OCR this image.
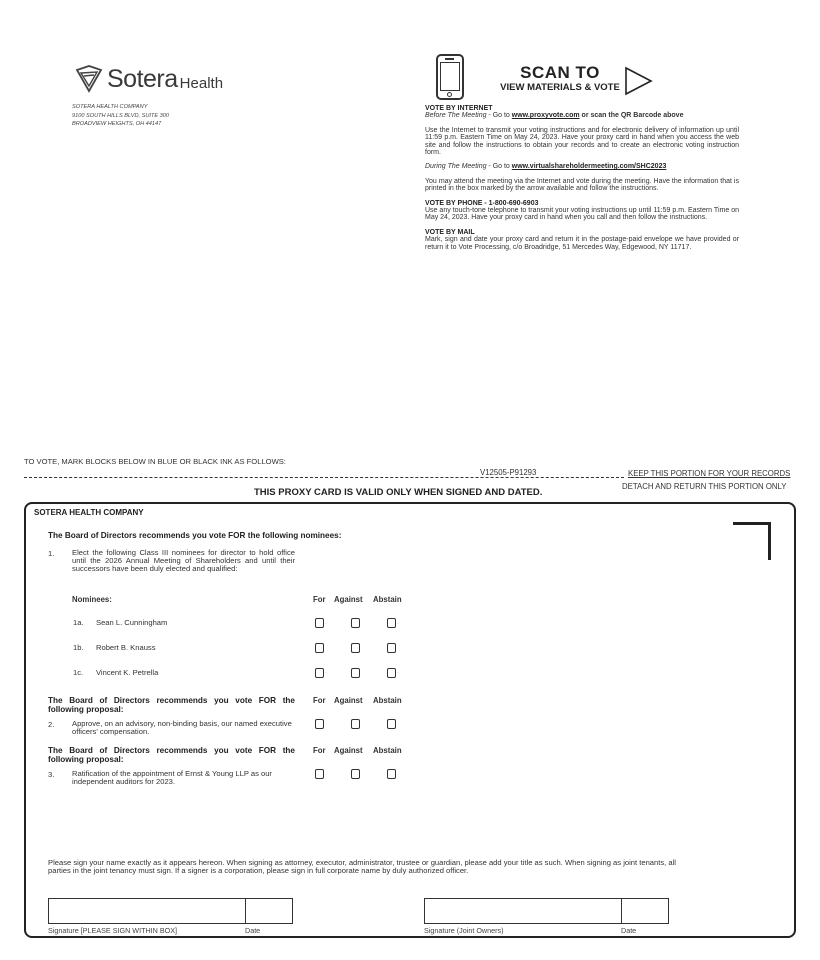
Sotera Health
SOTERA HEALTH COMPANY
9100 SOUTH HILLS BLVD, SUITE 300
BROADVIEW HEIGHTS, OH 44147
SCAN TO
VIEW MATERIALS & VOTE
VOTE BY INTERNET
Before The Meeting - Go to www.proxyvote.com or scan the QR Barcode above
Use the Internet to transmit your voting instructions and for electronic delivery of information up until 11:59 p.m. Eastern Time on May 24, 2023. Have your proxy card in hand when you access the web site and follow the instructions to obtain your records and to create an electronic voting instruction form.
During The Meeting - Go to www.virtualshareholdermeeting.com/SHC2023
You may attend the meeting via the Internet and vote during the meeting. Have the information that is printed in the box marked by the arrow available and follow the instructions.
VOTE BY PHONE - 1-800-690-6903
Use any touch-tone telephone to transmit your voting instructions up until 11:59 p.m. Eastern Time on May 24, 2023. Have your proxy card in hand when you call and then follow the instructions.
VOTE BY MAIL
Mark, sign and date your proxy card and return it in the postage-paid envelope we have provided or return it to Vote Processing, c/o Broadridge, 51 Mercedes Way, Edgewood, NY 11717.
TO VOTE, MARK BLOCKS BELOW IN BLUE OR BLACK INK AS FOLLOWS:
V12505-P91293	KEEP THIS PORTION FOR YOUR RECORDS
DETACH AND RETURN THIS PORTION ONLY
THIS PROXY CARD IS VALID ONLY WHEN SIGNED AND DATED.
SOTERA HEALTH COMPANY
The Board of Directors recommends you vote FOR the following nominees:
1. Elect the following Class III nominees for director to hold office until the 2026 Annual Meeting of Shareholders and until their successors have been duly elected and qualified:
Nominees:	For Against Abstain
1a. Sean L. Cunningham
1b. Robert B. Knauss
1c. Vincent K. Petrella
The Board of Directors recommends you vote FOR the following proposal:
For Against Abstain
2. Approve, on an advisory, non-binding basis, our named executive officers' compensation.
The Board of Directors recommends you vote FOR the following proposal:
For Against Abstain
3. Ratification of the appointment of Ernst & Young LLP as our independent auditors for 2023.
Please sign your name exactly as it appears hereon. When signing as attorney, executor, administrator, trustee or guardian, please add your title as such. When signing as joint tenants, all parties in the joint tenancy must sign. If a signer is a corporation, please sign in full corporate name by duly authorized officer.
Signature [PLEASE SIGN WITHIN BOX]	Date	Signature (Joint Owners)	Date
